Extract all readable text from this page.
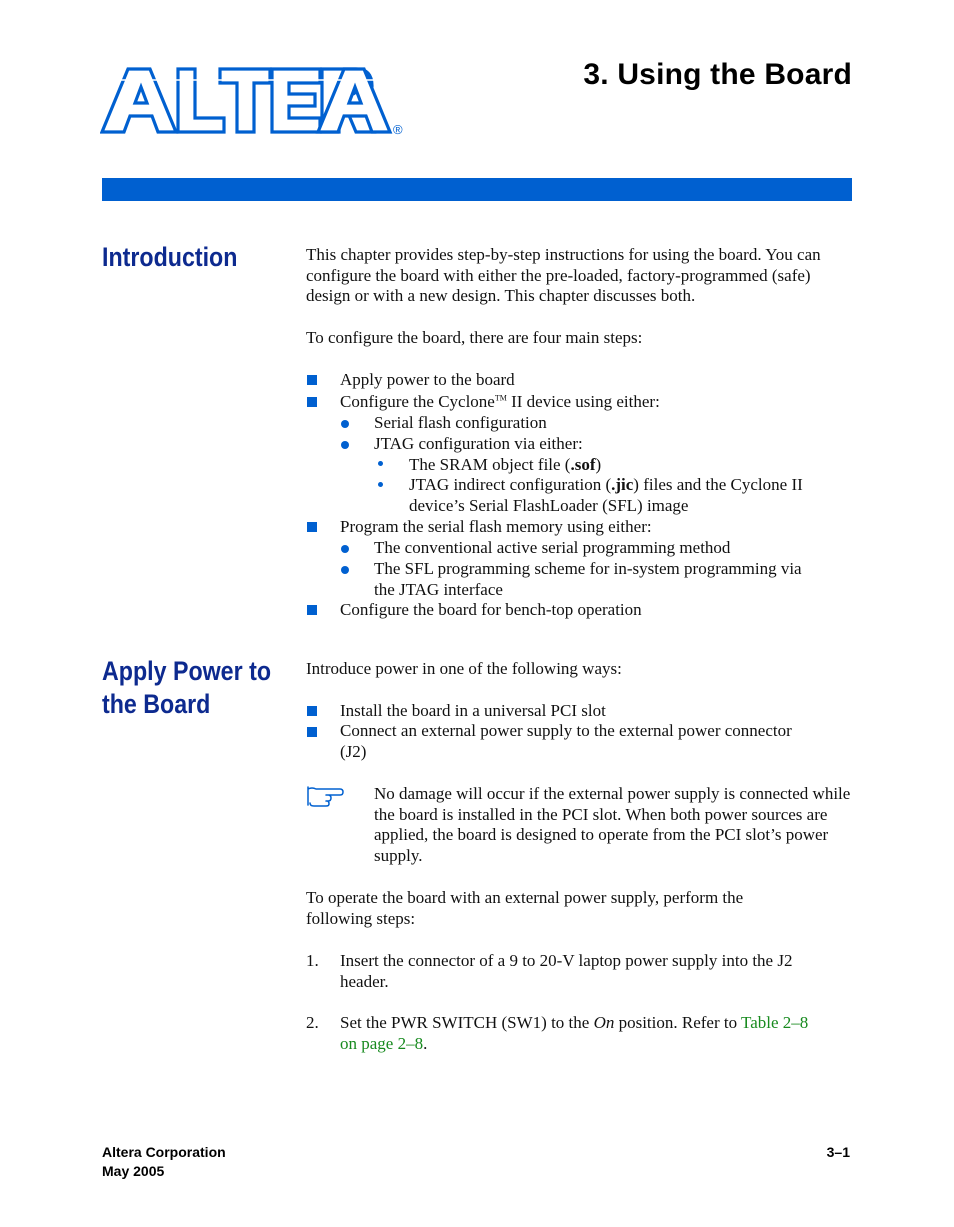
®
3. Using the Board
Introduction	This chapter provides step-by-step instructions for using the board. You can configure the board with either the pre-loaded, factory-programmed (safe) design or with a new design. This chapter discusses both.

To configure the board, there are four main steps:

Apply power to the board

Configure the Cyclone™ II device using either:

Serial flash configuration

JTAG configuration via either:

The SRAM object file (.sof)

JTAG indirect configuration (.jic) files and the Cyclone II

device’s Serial FlashLoader (SFL) image

Program the serial flash memory using either:

The conventional active serial programming method

The SFL programming scheme for in-system programming via

the JTAG interface

Configure the board for bench-top operation

Apply Power to
the Board

Introduce power in one of the following ways:

Install the board in a universal PCI slot

Connect an external power supply to the external power connector

(J2)

No damage will occur if the external power supply is connected while the board is installed in the PCI slot. When both power sources are applied, the board is designed to operate from the PCI slot’s power supply.

To operate the board with an external power supply, perform the following steps:

1. Insert the connector of a 9 to 20-V laptop power supply into the J2 header.

2. Set the PWR SWITCH (SW1) to the On position. Refer to Table 2–8
on page 2–8.

Altera Corporation

May 2005

3–1
